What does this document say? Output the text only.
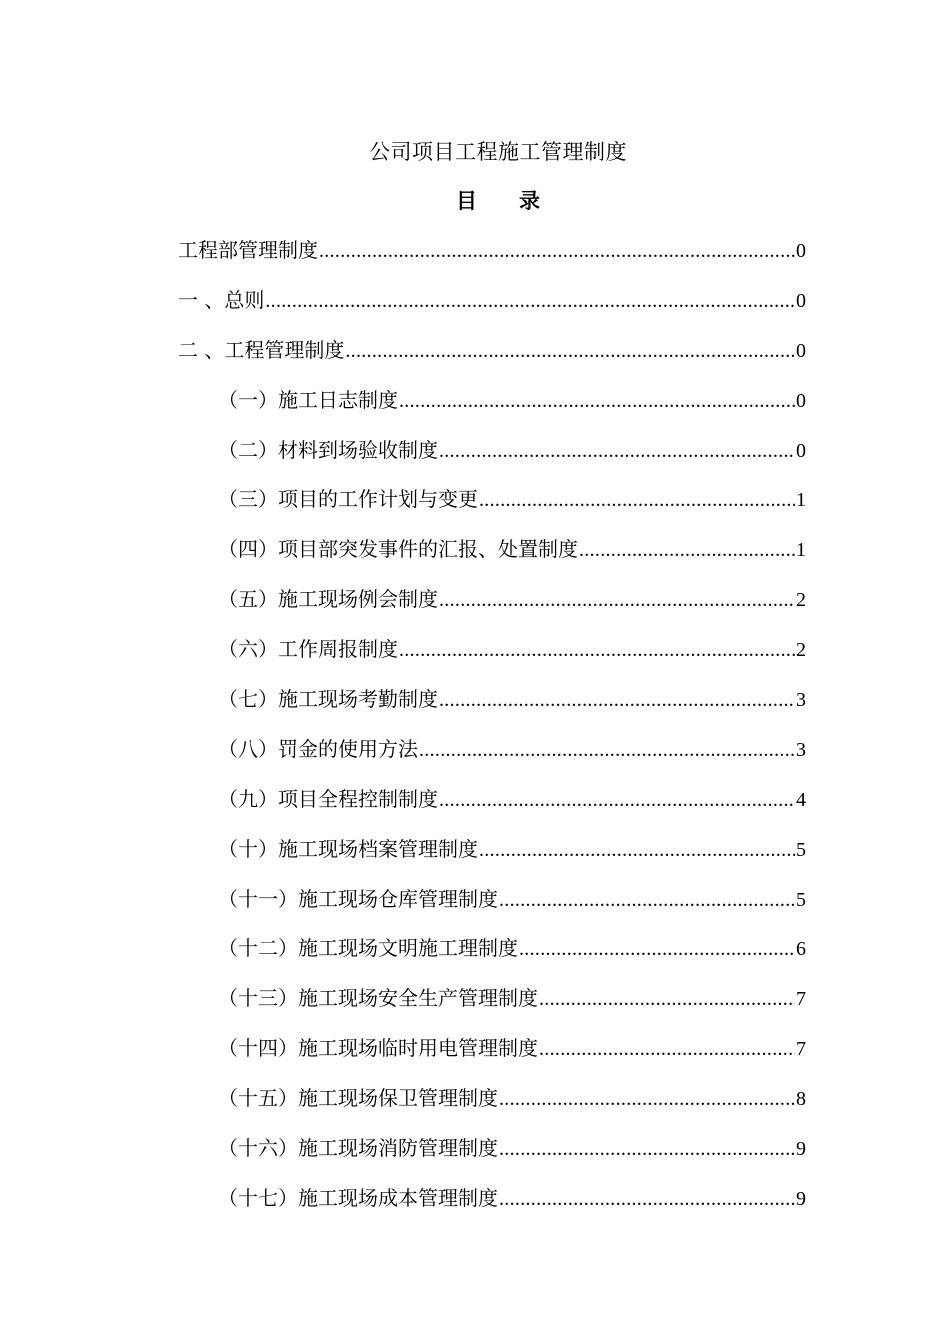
公司项目工程施工管理制度
目 录
工程部管理制度 .....	0
一 、总则 .....	0
二 、工程管理制度 .....	0
（一）施工日志制度 .....	0
（二）材料到场验收制度 .....	0
（三）项目的工作计划与变更 .....	1
（四）项目部突发事件的汇报、处置制度 .....	1
（五）施工现场例会制度 .....	2
（六）工作周报制度 .....	2
（七）施工现场考勤制度 .....	3
（八）罚金的使用方法 .....	3
（九）项目全程控制制度 .....	4
（十）施工现场档案管理制度 .....	5
（十一）施工现场仓库管理制度 .....	5
（十二）施工现场文明施工理制度 .....	6
（十三）施工现场安全生产管理制度 .....	7
（十四）施工现场临时用电管理制度 .....	7
（十五）施工现场保卫管理制度 .....	8
（十六）施工现场消防管理制度 .....	9
（十七）施工现场成本管理制度 .....	9
